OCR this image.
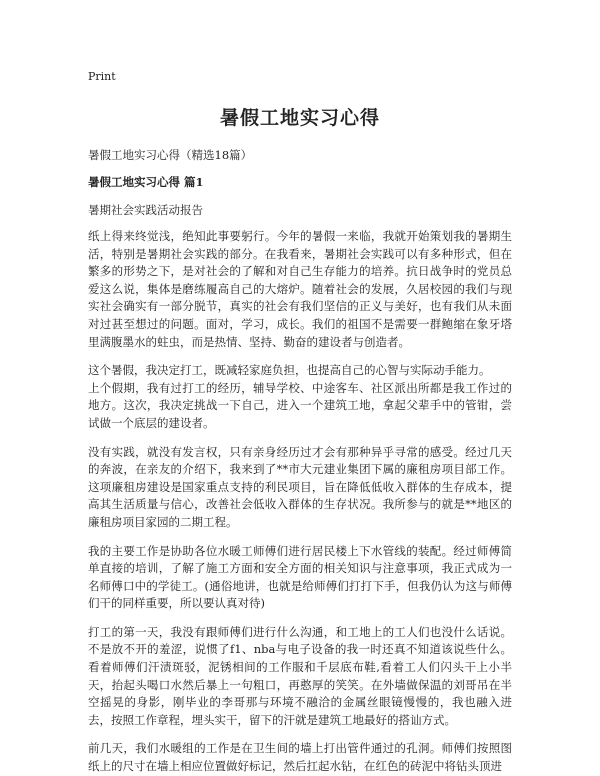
Print
暑假工地实习心得
暑假工地实习心得（精选18篇）
暑假工地实习心得 篇1
暑期社会实践活动报告

纸上得来终觉浅，绝知此事要躬行。今年的暑假一来临，我就开始策划我的暑期生活，特别是暑期社会实践的部分。在我看来，暑期社会实践可以有多种形式，但在繁多的形势之下，是对社会的了解和对自己生存能力的培养。抗日战争时的党员总爱这么说，集体是磨练履高自己的大熔炉。随着社会的发展，久居校园的我们与现实社会确实有一部分脱节，真实的社会有我们坚信的正义与美好，也有我们从未面对过甚至想过的问题。面对，学习，成长。我们的祖国不是需要一群鲍缩在象牙塔里满腹墨水的蛀虫，而是热情、坚持、勤奋的建设者与创造者。

这个暑假，我决定打工，既减轻家庭负担，也提高自己的心智与实际动手能力。

上个假期，我有过打工的经历，辅导学校、中途客车、社区派出所都是我工作过的地方。这次，我决定挑战一下自己，进入一个建筑工地，拿起父辈手中的管钳，尝试做一个底层的建设者。

没有实践，就没有发言权，只有亲身经历过才会有那种异乎寻常的感受。经过几天的奔波，在亲友的介绍下，我来到了**市大元建业集团下属的廉租房项目部工作。这项廉租房建设是国家重点支持的利民项目，旨在降低低收入群体的生存成本，提高其生活质量与信心，改善社会低收入群体的生存状况。我所参与的就是**地区的廉租房项目家园的二期工程。

我的主要工作是协助各位水暖工师傅们进行居民楼上下水管线的装配。经过师傅简单直接的培训，了解了施工方面和安全方面的相关知识与注意事项，我正式成为一名师傅口中的学徒工。(通俗地讲，也就是给师傅们打打下手，但我仍认为这与师傅们干的同样重要，所以要认真对待)

打工的第一天，我没有跟师傅们进行什么沟通，和工地上的工人们也没什么话说。不是放不开的羞涩，说惯了f1、nba与电子设备的我一时还真不知道该说些什么。看着师傅们汗渍斑驳，泥锈相间的工作服和千层底布鞋,看着工人们闪头干上小半天，抬起头喝口水然后暴上一句粗口，再憨厚的笑笑。在外墙做保温的刘哥吊在半空摇晃的身影，刚毕业的李哥那与环境不融洽的金属丝眼镜慢慢的，我也融入进去，按照工作章程，埋头实干，留下的汗就是建筑工地最好的搭讪方式。

前几天，我们水暖组的工作是在卫生间的墙上打出管件通过的孔洞。师傅们按照图纸上的尺寸在墙上相应位置做好标记，然后扛起水钻，在红色的砖泥中将钻头顶进
